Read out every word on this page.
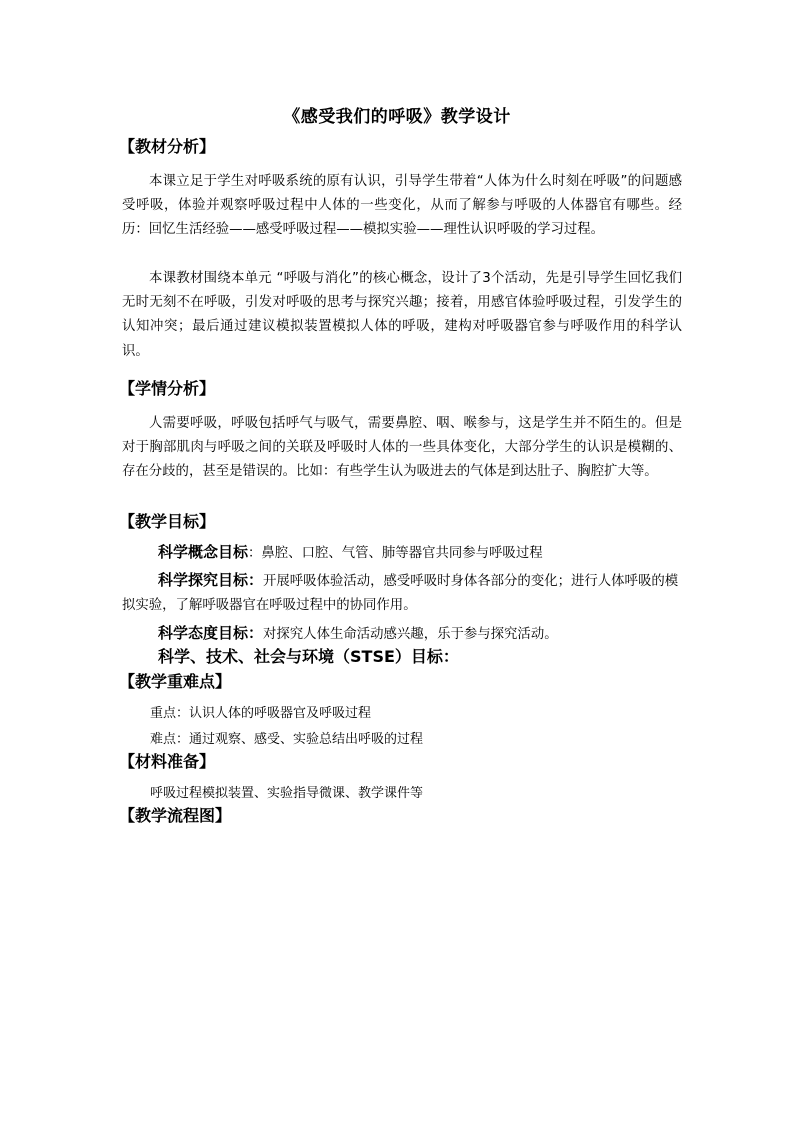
《感受我们的呼吸》教学设计
【教材分析】
本课立足于学生对呼吸系统的原有认识，引导学生带着“人体为什么时刻在呼吸”的问题感受呼吸，体验并观察呼吸过程中人体的一些变化，从而了解参与呼吸的人体器官有哪些。经历：回忆生活经验——感受呼吸过程——模拟实验——理性认识呼吸的学习过程。
本课教材围绕本单元 “呼吸与消化”的核心概念，设计了3个活动，先是引导学生回忆我们无时无刻不在呼吸，引发对呼吸的思考与探究兴趣；接着，用感官体验呼吸过程，引发学生的认知冲突；最后通过建议模拟装置模拟人体的呼吸，建构对呼吸器官参与呼吸作用的科学认识。
【学情分析】
人需要呼吸，呼吸包括呼气与吸气，需要鼻腔、咽、喉参与，这是学生并不陌生的。但是对于胸部肌肉与呼吸之间的关联及呼吸时人体的一些具体变化，大部分学生的认识是模糊的、存在分歧的，甚至是错误的。比如：有些学生认为吸进去的气体是到达肚子、胸腔扩大等。
【教学目标】
科学概念目标：鼻腔、口腔、气管、肺等器官共同参与呼吸过程
科学探究目标：开展呼吸体验活动，感受呼吸时身体各部分的变化；进行人体呼吸的模拟实验，了解呼吸器官在呼吸过程中的协同作用。
科学态度目标：对探究人体生命活动感兴趣，乐于参与探究活动。
科学、技术、社会与环境（STSE）目标：
【教学重难点】
重点：认识人体的呼吸器官及呼吸过程
难点：通过观察、感受、实验总结出呼吸的过程
【材料准备】
呼吸过程模拟装置、实验指导微课、教学课件等
【教学流程图】
